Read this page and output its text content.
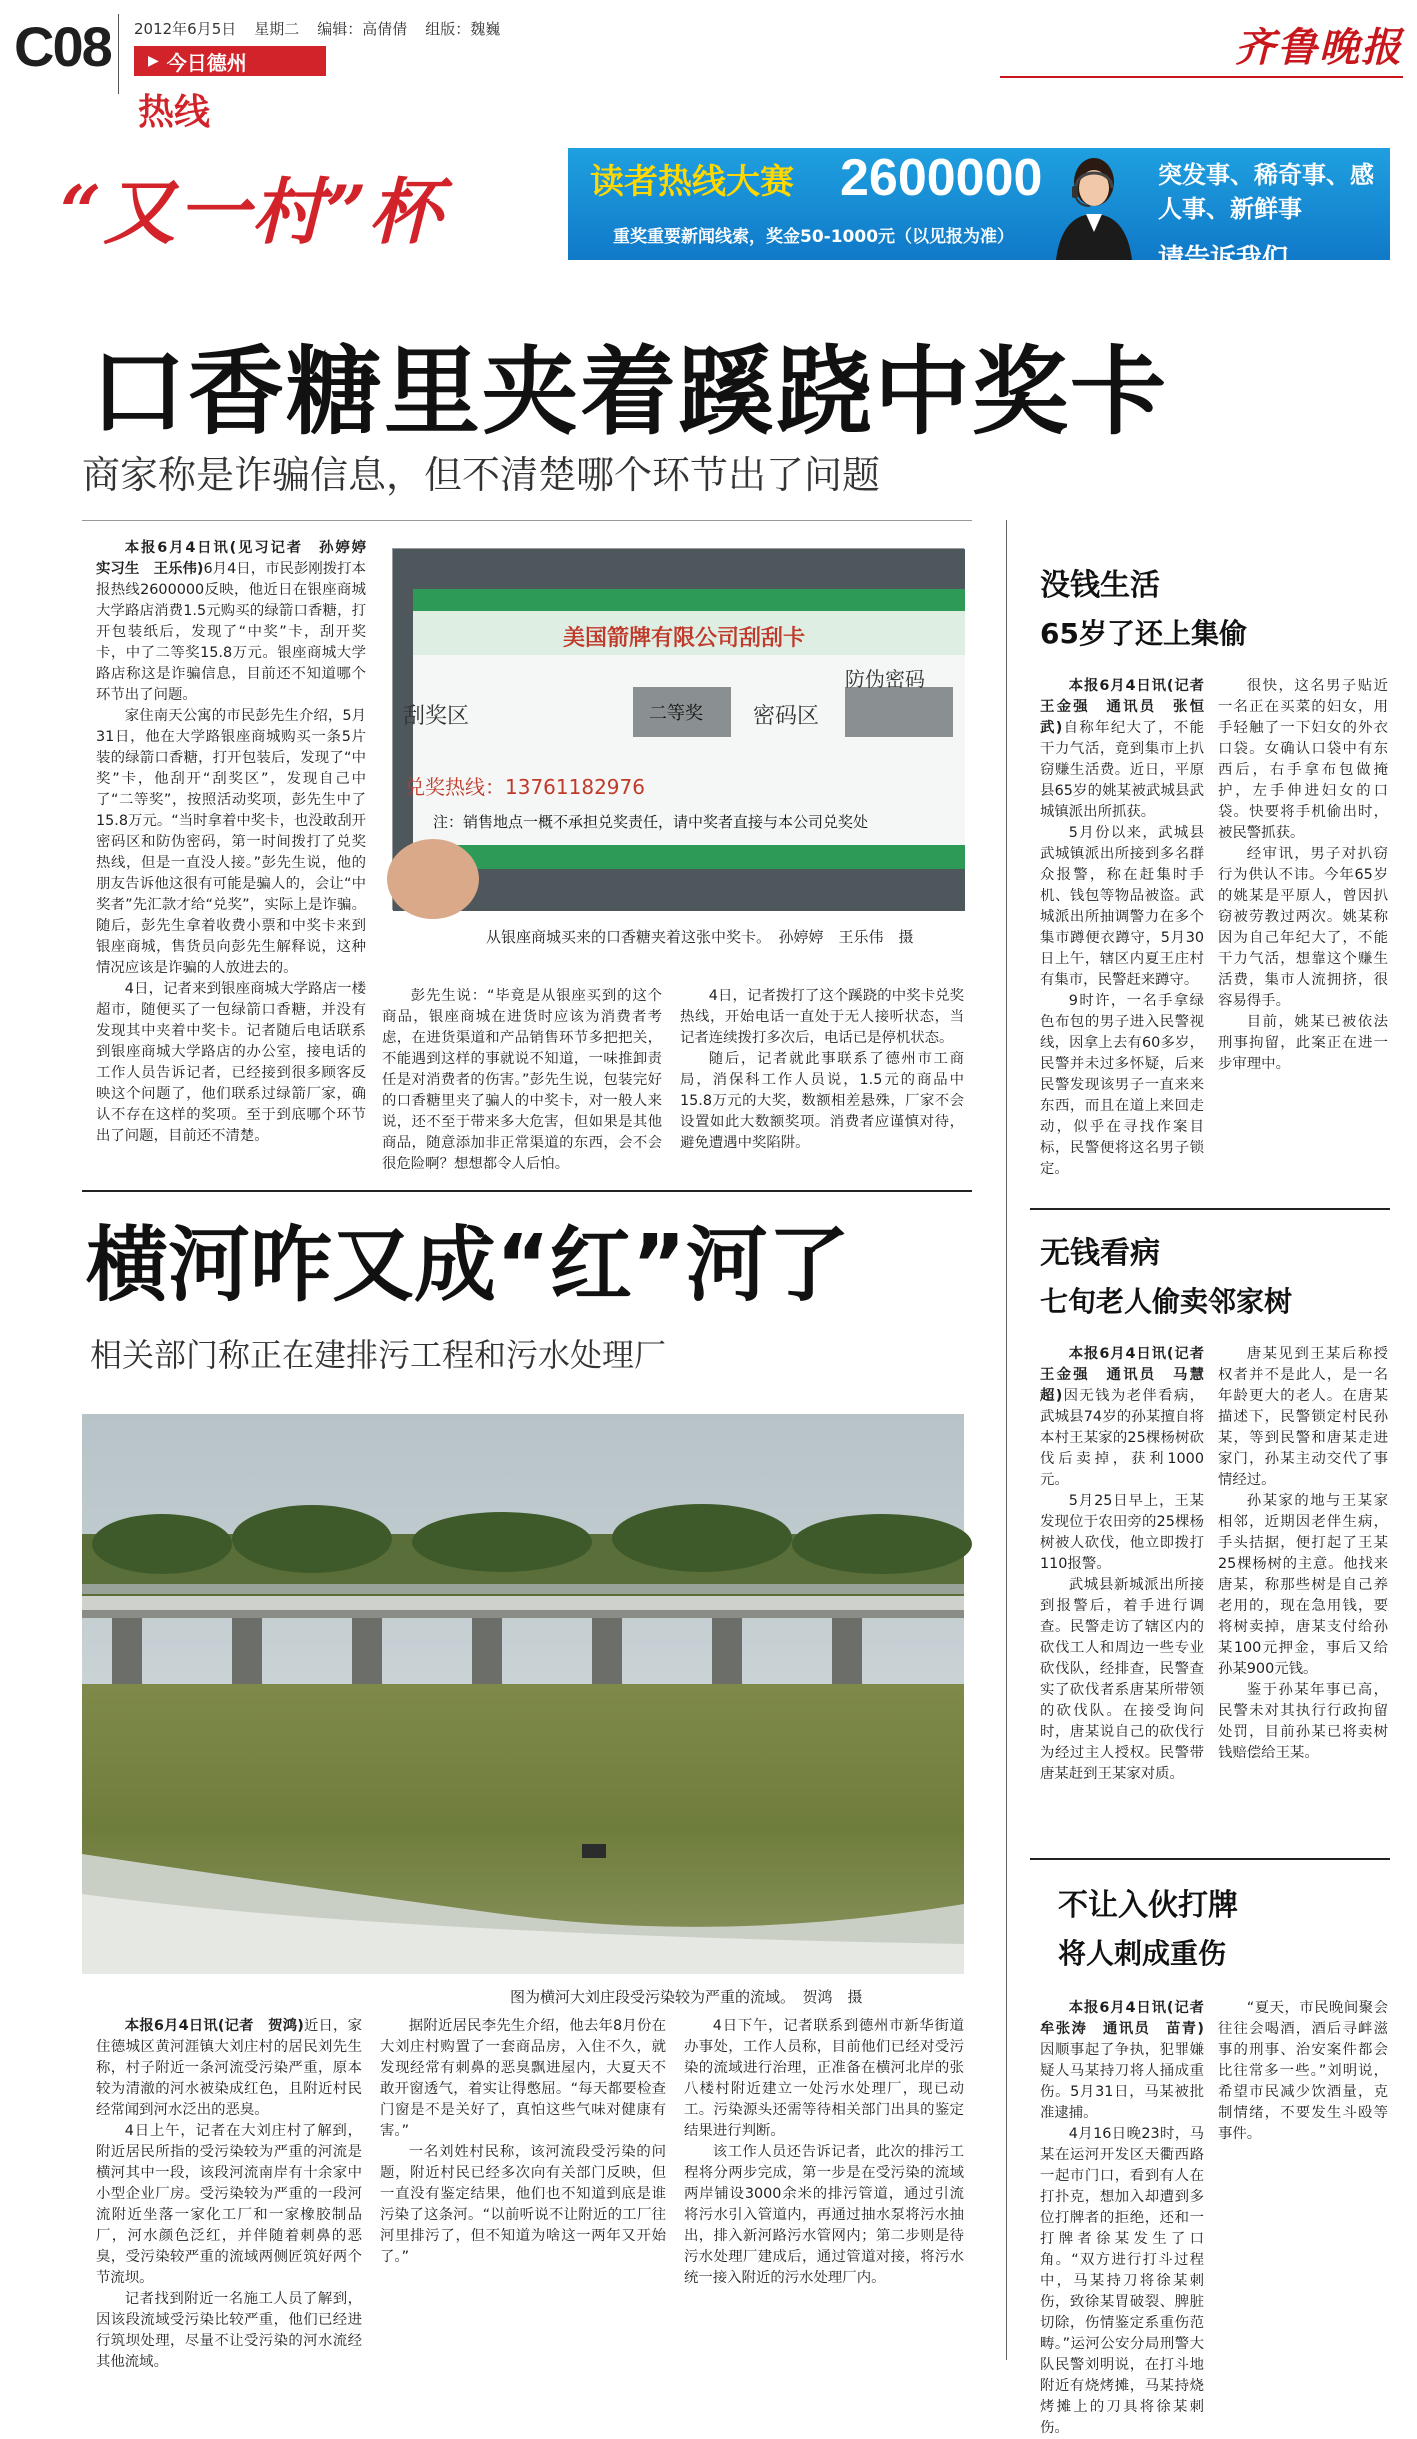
C08 2012年6月5日 星期二 编辑：高倩倩 组版：魏巍
▶ 今日德州
热线
齐鲁晚报
“又一村”杯	读者热线大赛 2600000
重奖重要新闻线索，奖金50-1000元（以见报为准）
突发事、稀奇事、感人事、新鲜事
请告诉我们……
口香糖里夹着蹊跷中奖卡
商家称是诈骗信息，但不清楚哪个环节出了问题

本报6月4日讯(见习记者　孙婷婷　实习生　王乐伟)6月4日，市民彭刚拨打本报热线2600000反映，他近日在银座商城大学路店消费1.5元购买的绿箭口香糖，打开包装纸后，发现了“中奖”卡，刮开奖卡，中了二等奖15.8万元。银座商城大学路店称这是诈骗信息，目前还不知道哪个环节出了问题。

家住南天公寓的市民彭先生介绍，5月31日，他在大学路银座商城购买一条5片装的绿箭口香糖，打开包装后，发现了“中奖”卡，他刮开“刮奖区”，发现自己中了“二等奖”，按照活动奖项，彭先生中了15.8万元。“当时拿着中奖卡，也没敢刮开密码区和防伪密码，第一时间拨打了兑奖热线，但是一直没人接。”彭先生说，他的朋友告诉他这很有可能是骗人的，会让“中奖者”先汇款才给“兑奖”，实际上是诈骗。随后，彭先生拿着收费小票和中奖卡来到银座商城，售货员向彭先生解释说，这种情况应该是诈骗的人放进去的。

4日，记者来到银座商城大学路店一楼超市，随便买了一包绿箭口香糖，并没有发现其中夹着中奖卡。记者随后电话联系到银座商城大学路店的办公室，接电话的工作人员告诉记者，已经接到很多顾客反映这个问题了，他们联系过绿箭厂家，确认不存在这样的奖项。至于到底哪个环节出了问题，目前还不清楚。

美国箭牌有限公司刮刮卡
刮奖区	二等奖 密码区
防伪密码
兑奖热线：13761182976
注：销售地点一概不承担兑奖责任，请中奖者直接与本公司兑奖处
从银座商城买来的口香糖夹着这张中奖卡。　孙婷婷　王乐伟　摄

彭先生说：“毕竟是从银座买到的这个商品，银座商城在进货时应该为消费者考虑，在进货渠道和产品销售环节多把把关，不能遇到这样的事就说不知道，一味推卸责任是对消费者的伤害。”彭先生说，包装完好的口香糖里夹了骗人的中奖卡，对一般人来说，还不至于带来多大危害，但如果是其他商品，随意添加非正常渠道的东西，会不会很危险啊？想想都令人后怕。

4日，记者拨打了这个蹊跷的中奖卡兑奖热线，开始电话一直处于无人接听状态，当记者连续拨打多次后，电话已是停机状态。

随后，记者就此事联系了德州市工商局，消保科工作人员说，1.5元的商品中15.8万元的大奖，数额相差悬殊，厂家不会设置如此大数额奖项。消费者应谨慎对待，避免遭遇中奖陷阱。

横河咋又成“红”河了
相关部门称正在建排污工程和污水处理厂
图为横河大刘庄段受污染较为严重的流域。　贺鸿　摄

本报6月4日讯(记者　贺鸿)近日，家住德城区黄河涯镇大刘庄村的居民刘先生称，村子附近一条河流受污染严重，原本较为清澈的河水被染成红色，且附近村民经常闻到河水泛出的恶臭。

4日上午，记者在大刘庄村了解到，附近居民所指的受污染较为严重的河流是横河其中一段，该段河流南岸有十余家中小型企业厂房。受污染较为严重的一段河流附近坐落一家化工厂和一家橡胶制品厂，河水颜色泛红，并伴随着刺鼻的恶臭，受污染较严重的流域两侧匠筑好两个节流坝。

记者找到附近一名施工人员了解到，因该段流域受污染比较严重，他们已经进行筑坝处理，尽量不让受污染的河水流经其他流域。

据附近居民李先生介绍，他去年8月份在大刘庄村购置了一套商品房，入住不久，就发现经常有刺鼻的恶臭飘进屋内，大夏天不敢开窗透气，着实让得憋屈。“每天都要检查门窗是不是关好了，真怕这些气味对健康有害。”

一名刘姓村民称，该河流段受污染的问题，附近村民已经多次向有关部门反映，但一直没有鉴定结果，他们也不知道到底是谁污染了这条河。“以前听说不让附近的工厂往河里排污了，但不知道为啥这一两年又开始了。”

4日下午，记者联系到德州市新华街道办事处，工作人员称，目前他们已经对受污染的流域进行治理，正准备在横河北岸的张八楼村附近建立一处污水处理厂，现已动工。污染源头还需等待相关部门出具的鉴定结果进行判断。

该工作人员还告诉记者，此次的排污工程将分两步完成，第一步是在受污染的流域两岸铺设3000余米的排污管道，通过引流将污水引入管道内，再通过抽水泵将污水抽出，排入新河路污水管网内；第二步则是待污水处理厂建成后，通过管道对接，将污水统一接入附近的污水处理厂内。

没钱生活
65岁了还上集偷

本报6月4日讯(记者　王金强　通讯员　张恒武)自称年纪大了，不能干力气活，竟到集市上扒窃赚生活费。近日，平原县65岁的姚某被武城县武城镇派出所抓获。

5月份以来，武城县武城镇派出所接到多名群众报警，称在赶集时手机、钱包等物品被盗。武城派出所抽调警力在多个集市蹲便衣蹲守，5月30日上午，辖区内夏王庄村有集市，民警赶来蹲守。

9时许，一名手拿绿色布包的男子进入民警视线，因拿上去有60多岁，民警并未过多怀疑，后来民警发现该男子一直来来东西，而且在道上来回走动，似乎在寻找作案目标，民警便将这名男子锁定。

很快，这名男子贴近一名正在买菜的妇女，用手轻触了一下妇女的外衣口袋。女确认口袋中有东西后，右手拿布包做掩护，左手伸进妇女的口袋。快要将手机偷出时，被民警抓获。

经审讯，男子对扒窃行为供认不讳。今年65岁的姚某是平原人，曾因扒窃被劳教过两次。姚某称因为自己年纪大了，不能干力气活，想靠这个赚生活费，集市人流拥挤，很容易得手。

目前，姚某已被依法刑事拘留，此案正在进一步审理中。

无钱看病
七旬老人偷卖邻家树

本报6月4日讯(记者　王金强　通讯员　马慧超)因无钱为老伴看病，武城县74岁的孙某擅自将本村王某家的25棵杨树砍伐后卖掉，获利1000元。

5月25日早上，王某发现位于农田旁的25棵杨树被人砍伐，他立即拨打110报警。

武城县新城派出所接到报警后，着手进行调查。民警走访了辖区内的砍伐工人和周边一些专业砍伐队，经排查，民警查实了砍伐者系唐某所带领的砍伐队。在接受询问时，唐某说自己的砍伐行为经过主人授权。民警带唐某赶到王某家对质。

唐某见到王某后称授权者并不是此人，是一名年龄更大的老人。在唐某描述下，民警锁定村民孙某，等到民警和唐某走进家门，孙某主动交代了事情经过。

孙某家的地与王某家相邻，近期因老伴生病，手头拮据，便打起了王某25棵杨树的主意。他找来唐某，称那些树是自己养老用的，现在急用钱，要将树卖掉，唐某支付给孙某100元押金，事后又给孙某900元钱。

鉴于孙某年事已高，民警未对其执行行政拘留处罚，目前孙某已将卖树钱赔偿给王某。

不让入伙打牌
将人刺成重伤

本报6月4日讯(记者　牟张涛　通讯员　苗青)因顺事起了争执，犯罪嫌疑人马某持刀将人捅成重伤。5月31日，马某被批准逮捕。

4月16日晚23时，马某在运河开发区天衢西路一起市门口，看到有人在打扑克，想加入却遭到多位打牌者的拒绝，还和一打牌者徐某发生了口角。“双方进行打斗过程中，马某持刀将徐某刺伤，致徐某胃破裂、脾脏切除，伤情鉴定系重伤范畴。”运河公安分局刑警大队民警刘明说，在打斗地附近有烧烤摊，马某持烧烤摊上的刀具将徐某刺伤。

“夏天，市民晚间聚会往往会喝酒，酒后寻衅滋事的刑事、治安案件都会比往常多一些。”刘明说，希望市民减少饮酒量，克制情绪，不要发生斗殴等事件。
